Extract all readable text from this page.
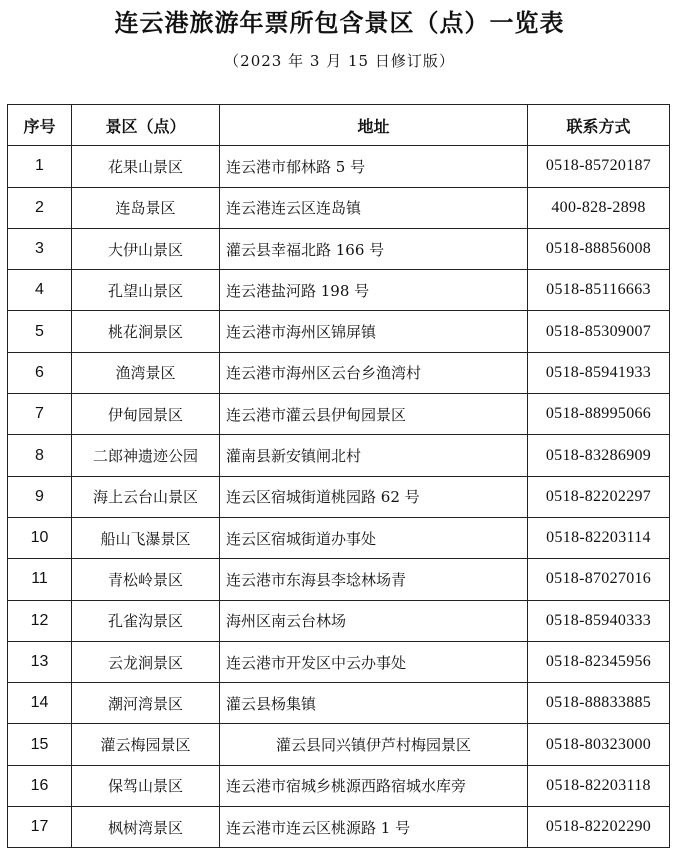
连云港旅游年票所包含景区（点）一览表
（2023 年 3 月 15 日修订版）
序号	景区（点）	地址	联系方式
1	花果山景区	连云港市郁林路 5 号	0518-85720187
2	连岛景区	连云港连云区连岛镇	400-828-2898
3	大伊山景区	灌云县幸福北路 166 号	0518-88856008
4	孔望山景区	连云港盐河路 198 号	0518-85116663
5	桃花涧景区	连云港市海州区锦屏镇	0518-85309007
6	渔湾景区	连云港市海州区云台乡渔湾村	0518-85941933
7	伊甸园景区	连云港市灌云县伊甸园景区	0518-88995066
8	二郎神遗迹公园	灌南县新安镇闸北村	0518-83286909
9	海上云台山景区	连云区宿城街道桃园路 62 号	0518-82202297
10	船山飞瀑景区	连云区宿城街道办事处	0518-82203114
11	青松岭景区	连云港市东海县李埝林场青	0518-87027016
12	孔雀沟景区	海州区南云台林场	0518-85940333
13	云龙涧景区	连云港市开发区中云办事处	0518-82345956
14	潮河湾景区	灌云县杨集镇	0518-88833885
15	灌云梅园景区	灌云县同兴镇伊芦村梅园景区	0518-80323000
16	保驾山景区	连云港市宿城乡桃源西路宿城水库旁	0518-82203118
17	枫树湾景区	连云港市连云区桃源路 1 号	0518-82202290
